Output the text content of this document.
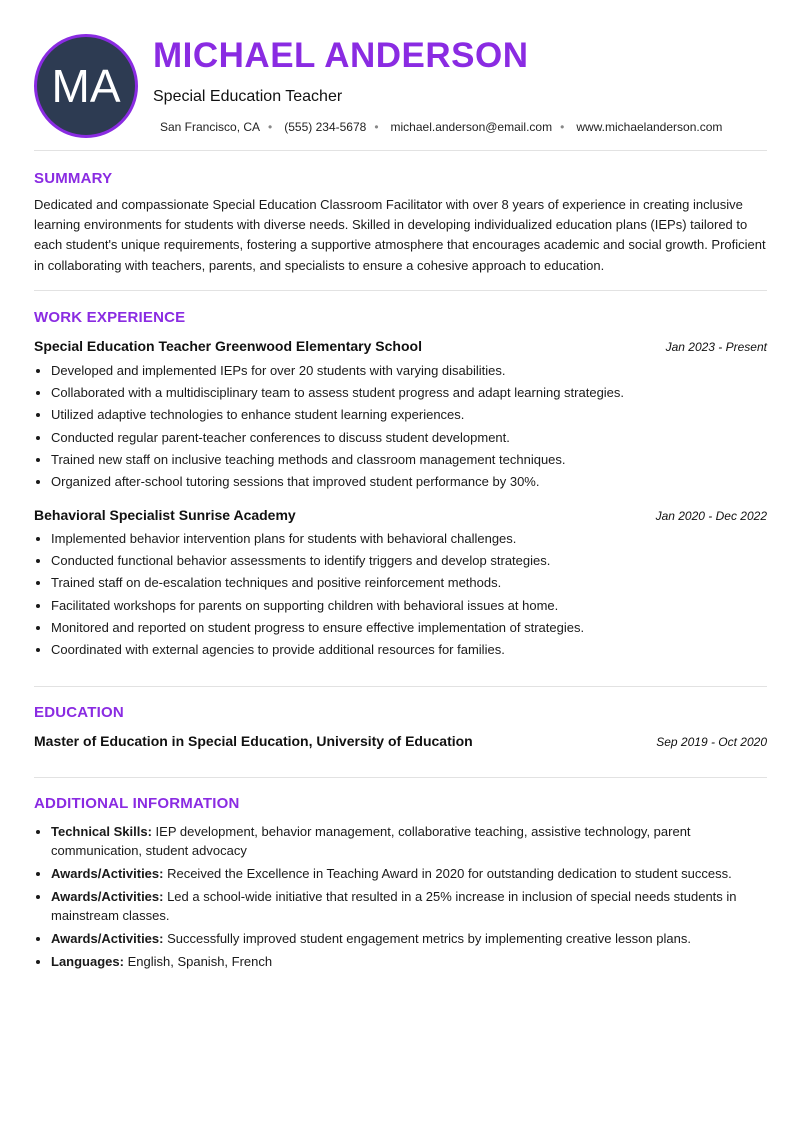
MA
MICHAEL ANDERSON
Special Education Teacher
San Francisco, CA • (555) 234-5678 • michael.anderson@email.com • www.michaelanderson.com
SUMMARY

Dedicated and compassionate Special Education Classroom Facilitator with over 8 years of experience in creating inclusive learning environments for students with diverse needs. Skilled in developing individualized education plans (IEPs) tailored to each student's unique requirements, fostering a supportive atmosphere that encourages academic and social growth. Proficient in collaborating with teachers, parents, and specialists to ensure a cohesive approach to education.

WORK EXPERIENCE
Special Education Teacher Greenwood Elementary School	Jan 2023 - Present
• Developed and implemented IEPs for over 20 students with varying disabilities.
• Collaborated with a multidisciplinary team to assess student progress and adapt learning strategies.
• Utilized adaptive technologies to enhance student learning experiences.
• Conducted regular parent-teacher conferences to discuss student development.
• Trained new staff on inclusive teaching methods and classroom management techniques.
• Organized after-school tutoring sessions that improved student performance by 30%.
Behavioral Specialist Sunrise Academy	Jan 2020 - Dec 2022
• Implemented behavior intervention plans for students with behavioral challenges.
• Conducted functional behavior assessments to identify triggers and develop strategies.
• Trained staff on de-escalation techniques and positive reinforcement methods.
• Facilitated workshops for parents on supporting children with behavioral issues at home.
• Monitored and reported on student progress to ensure effective implementation of strategies.
• Coordinated with external agencies to provide additional resources for families.
EDUCATION
Master of Education in Special Education, University of Education	Sep 2019 - Oct 2020
ADDITIONAL INFORMATION
• Technical Skills: IEP development, behavior management, collaborative teaching, assistive technology, parent communication, student advocacy
• Awards/Activities: Received the Excellence in Teaching Award in 2020 for outstanding dedication to student success.
• Awards/Activities: Led a school-wide initiative that resulted in a 25% increase in inclusion of special needs students in mainstream classes.
• Awards/Activities: Successfully improved student engagement metrics by implementing creative lesson plans.
• Languages: English, Spanish, French
